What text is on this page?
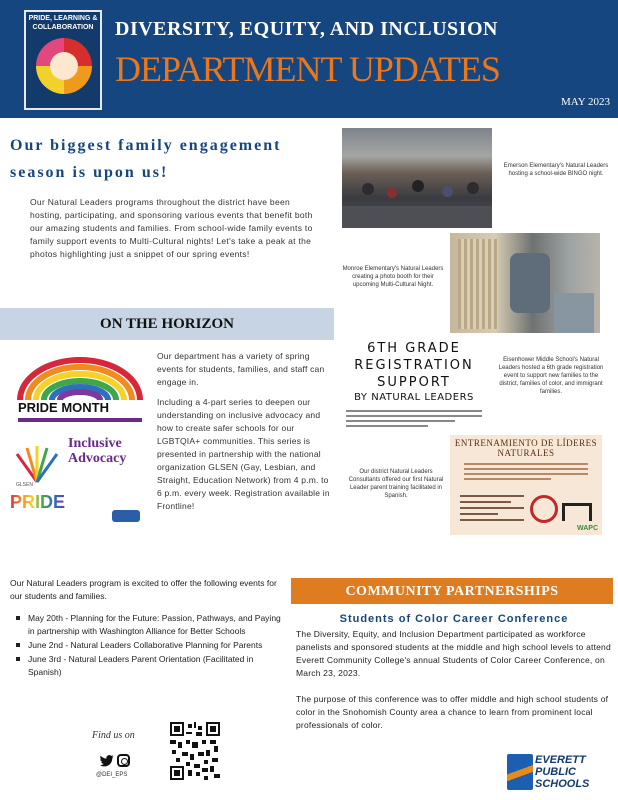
PRIDE, LEARNING & COLLABORATION	DIVERSITY, EQUITY, AND INCLUSION
DEPARTMENT UPDATES
MAY 2023
Our biggest family engagement season is upon us!
Our Natural Leaders programs throughout the district have been hosting, participating, and sponsoring various events that benefit both our amazing students and families. From school-wide family events to family support events to Multi-Cultural nights! Let's take a peak at the photos highlighting just a snippet of our spring events!
ON THE HORIZON
PRIDE MONTH
Inclusive Advocacy
GLSEN
PRIDE

Our department has a variety of spring events for students, families, and staff can engage in.

Including a 4-part series to deepen our understanding on inclusive advocacy and how to create safer schools for our LGBTQIA+ communities. This series is presented in partnership with the national organization GLSEN (Gay, Lesbian, and Straight, Education Network) from 4 p.m. to 6 p.m. every week. Registration available in Frontline!

Emerson Elementary's Natural Leaders hosting a school-wide BINGO night.
Monroe Elementary's Natural Leaders creating a photo booth for their upcoming Multi-Cultural Night.
6TH GRADE REGISTRATION SUPPORT
BY NATURAL LEADERS
Eisenhower Middle School's Natural Leaders hosted a 6th grade registration event to support new families to the district, families of color, and immigrant families.
Our district Natural Leaders Consultants offered our first Natural Leader parent training facilitated in Spanish.
ENTRENAMIENTO DE LÍDERES NATURALES
WAPC
Our Natural Leaders program is excited to offer the following events for our students and families.
May 20th - Planning for the Future: Passion, Pathways, and Paying in partnership with Washington Alliance for Better Schools
June 2nd - Natural Leaders Collaborative Planning for Parents
June 3rd - Natural Leaders Parent Orientation (Facilitated in Spanish)
Find us on
@DEI_EPS
COMMUNITY PARTNERSHIPS
Students of Color Career Conference

The Diversity, Equity, and Inclusion Department participated as workforce panelists and sponsored students at the middle and high school levels to attend Everett Community College's annual Students of Color Career Conference, on March 23, 2023.

The purpose of this conference was to offer middle and high school students of color in the Snohomish County area a chance to learn from prominent local professionals of color.

EVERETT PUBLIC SCHOOLS
